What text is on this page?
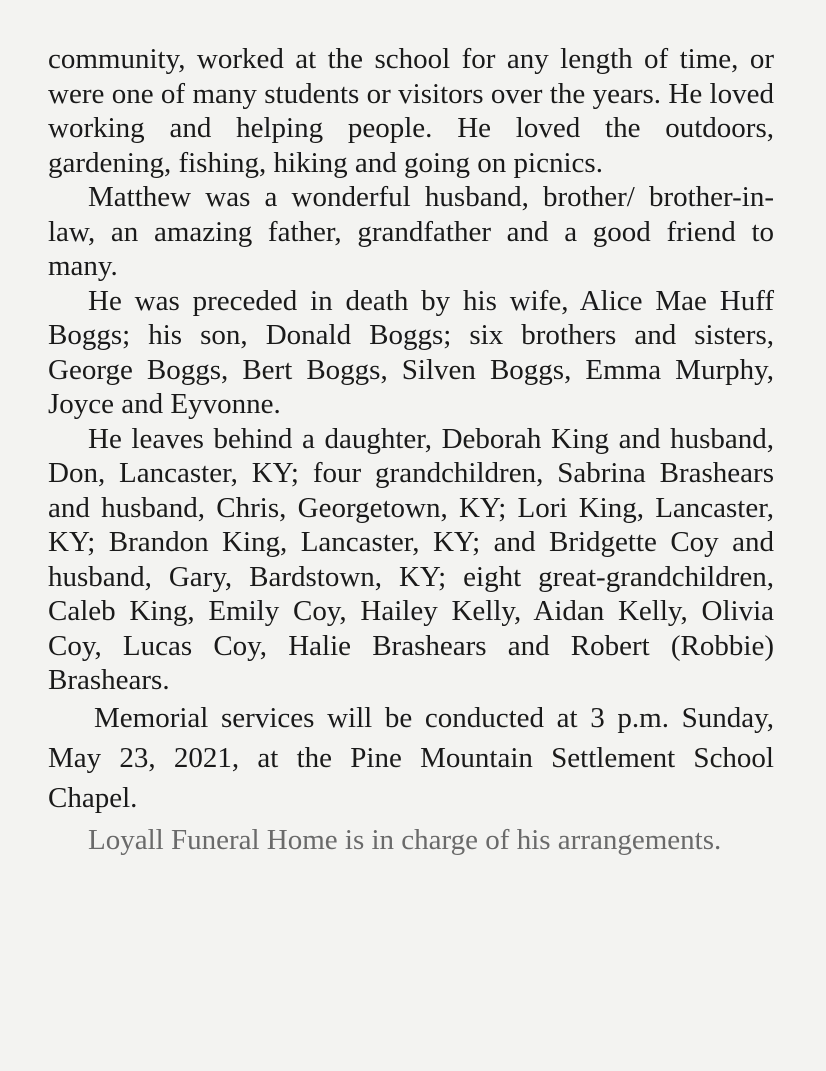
community, worked at the school for any length of time, or were one of many students or visitors over the years. He loved working and helping people. He loved the outdoors, gardening, fishing, hiking and going on picnics.

Matthew was a wonderful husband, brother/ brother-in-law, an amazing father, grandfather and a good friend to many.

He was preceded in death by his wife, Alice Mae Huff Boggs; his son, Donald Boggs; six brothers and sisters, George Boggs, Bert Boggs, Silven Boggs, Emma Murphy, Joyce and Eyvonne.

He leaves behind a daughter, Deborah King and husband, Don, Lancaster, KY; four grandchildren, Sabrina Brashears and husband, Chris, Georgetown, KY; Lori King, Lancaster, KY; Brandon King, Lancaster, KY; and Bridgette Coy and husband, Gary, Bardstown, KY; eight great-grandchildren, Caleb King, Emily Coy, Hailey Kelly, Aidan Kelly, Olivia Coy, Lucas Coy, Halie Brashears and Robert (Robbie) Brashears.

Memorial services will be conducted at 3 p.m. Sunday, May 23, 2021, at the Pine Mountain Settlement School Chapel.

Loyall Funeral Home is in charge of his arrangements.
